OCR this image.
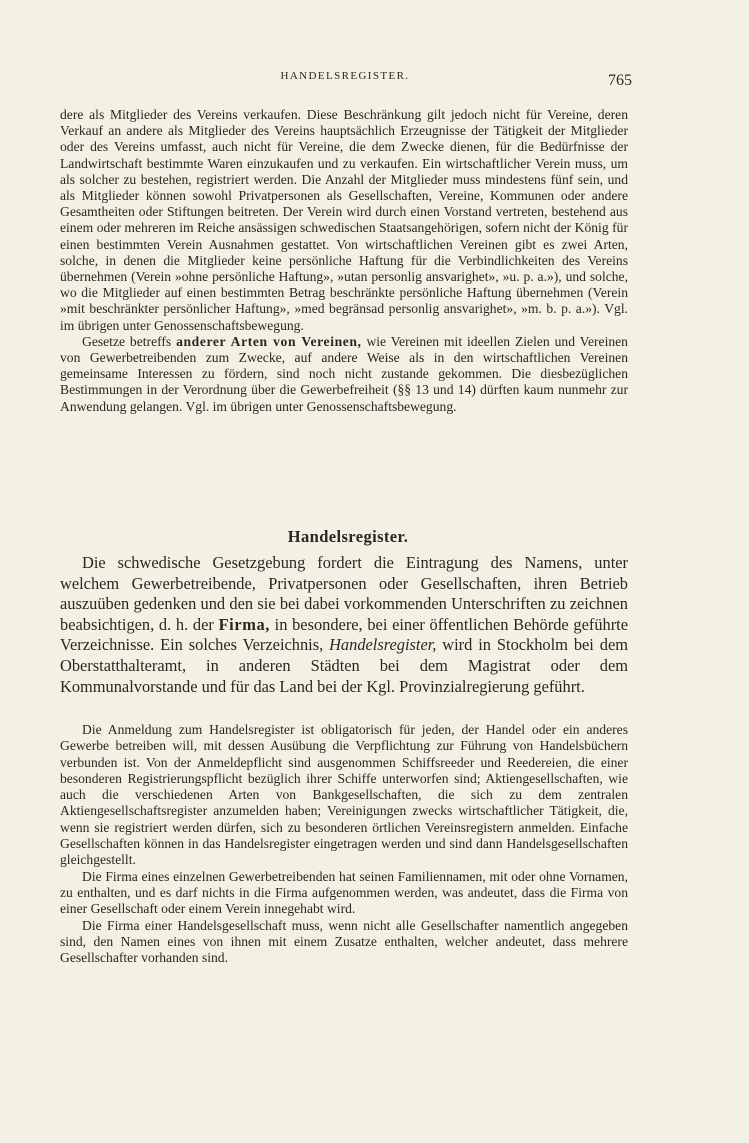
HANDELSREGISTER.	765

dere als Mitglieder des Vereins verkaufen. Diese Beschränkung gilt jedoch nicht für Vereine, deren Verkauf an andere als Mitglieder des Vereins hauptsächlich Erzeugnisse der Tätigkeit der Mitglieder oder des Vereins umfasst, auch nicht für Vereine, die dem Zwecke dienen, für die Bedürfnisse der Landwirtschaft bestimmte Waren einzukaufen und zu verkaufen. Ein wirtschaftlicher Verein muss, um als solcher zu bestehen, registriert werden. Die Anzahl der Mitglieder muss mindestens fünf sein, und als Mitglieder können sowohl Privatpersonen als Gesellschaften, Vereine, Kommunen oder andere Gesamtheiten oder Stiftungen beitreten. Der Verein wird durch einen Vorstand vertreten, bestehend aus einem oder mehreren im Reiche ansässigen schwedischen Staatsangehörigen, sofern nicht der König für einen bestimmten Verein Ausnahmen gestattet. Von wirtschaftlichen Vereinen gibt es zwei Arten, solche, in denen die Mitglieder keine persönliche Haftung für die Verbindlichkeiten des Vereins übernehmen (Verein »ohne persönliche Haftung», »utan personlig ansvarighet», »u. p. a.»), und solche, wo die Mitglieder auf einen bestimmten Betrag beschränkte persönliche Haftung übernehmen (Verein »mit beschränkter persönlicher Haftung», »med begränsad personlig ansvarighet», »m. b. p. a.»). Vgl. im übrigen unter Genossenschaftsbewegung.

Gesetze betreffs anderer Arten von Vereinen, wie Vereinen mit ideellen Zielen und Vereinen von Gewerbetreibenden zum Zwecke, auf andere Weise als in den wirtschaftlichen Vereinen gemeinsame Interessen zu fördern, sind noch nicht zustande gekommen. Die diesbezüglichen Bestimmungen in der Verordnung über die Gewerbefreiheit (§§ 13 und 14) dürften kaum nunmehr zur Anwendung gelangen. Vgl. im übrigen unter Genossenschaftsbewegung.

Handelsregister.

Die schwedische Gesetzgebung fordert die Eintragung des Namens, unter welchem Gewerbetreibende, Privatpersonen oder Gesellschaften, ihren Betrieb auszuüben gedenken und den sie bei dabei vorkommenden Unterschriften zu zeichnen beabsichtigen, d. h. der Firma, in besondere, bei einer öffentlichen Behörde geführte Verzeichnisse. Ein solches Verzeichnis, Handelsregister, wird in Stockholm bei dem Oberstatthalteramt, in anderen Städten bei dem Magistrat oder dem Kommunalvorstande und für das Land bei der Kgl. Provinzialregierung geführt.

Die Anmeldung zum Handelsregister ist obligatorisch für jeden, der Handel oder ein anderes Gewerbe betreiben will, mit dessen Ausübung die Verpflichtung zur Führung von Handelsbüchern verbunden ist. Von der Anmeldepflicht sind ausgenommen Schiffsreeder und Reedereien, die einer besonderen Registrierungspflicht bezüglich ihrer Schiffe unterworfen sind; Aktiengesellschaften, wie auch die verschiedenen Arten von Bankgesellschaften, die sich zu dem zentralen Aktiengesellschaftsregister anzumelden haben; Vereinigungen zwecks wirtschaftlicher Tätigkeit, die, wenn sie registriert werden dürfen, sich zu besonderen örtlichen Vereinsregistern anmelden. Einfache Gesellschaften können in das Handelsregister eingetragen werden und sind dann Handelsgesellschaften gleichgestellt.

Die Firma eines einzelnen Gewerbetreibenden hat seinen Familiennamen, mit oder ohne Vornamen, zu enthalten, und es darf nichts in die Firma aufgenommen werden, was andeutet, dass die Firma von einer Gesellschaft oder einem Verein innegehabt wird.

Die Firma einer Handelsgesellschaft muss, wenn nicht alle Gesellschafter namentlich angegeben sind, den Namen eines von ihnen mit einem Zusatze enthalten, welcher andeutet, dass mehrere Gesellschafter vorhanden sind.
